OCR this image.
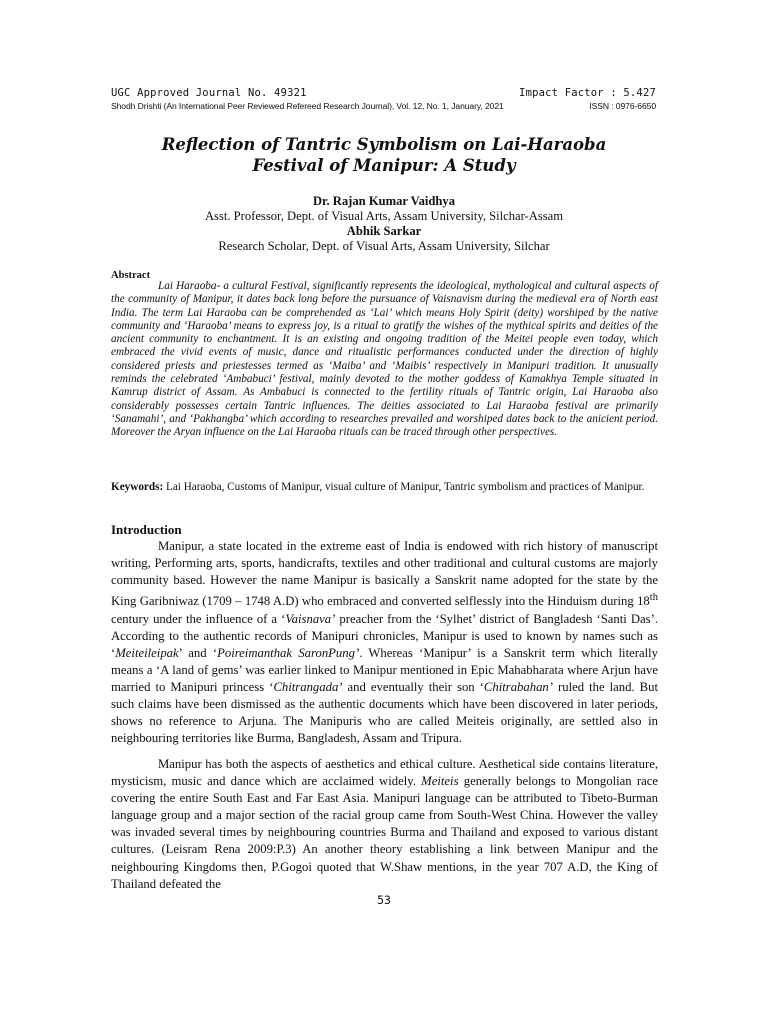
UGC Approved Journal No. 49321	Impact Factor : 5.427
Shodh Drishti (An International Peer Reviewed Refereed Research Journal), Vol. 12, No. 1, January, 2021	ISSN : 0976-6650
Reflection of Tantric Symbolism on Lai-Haraoba
Festival of Manipur: A Study
Dr. Rajan Kumar Vaidhya
Asst. Professor, Dept. of Visual Arts, Assam University, Silchar-Assam
Abhik Sarkar
Research Scholar, Dept. of Visual Arts, Assam University, Silchar
Abstract

Lai Haraoba- a cultural Festival, significantly represents the ideological, mythological and cultural aspects of the community of Manipur, it dates back long before the pursuance of Vaisnavism during the medieval era of North east India. The term Lai Haraoba can be comprehended as ‘Lai’ which means Holy Spirit (deity) worshiped by the native community and ‘Haraoba’ means to express joy, is a ritual to gratify the wishes of the mythical spirits and deities of the ancient community to enchantment. It is an existing and ongoing tradition of the Meitei people even today, which embraced the vivid events of music, dance and ritualistic performances conducted under the direction of highly considered priests and priestesses termed as ‘Maiba’ and ‘Maibis’ respectively in Manipuri tradition. It unusually reminds the celebrated ‘Ambabuci’ festival, mainly devoted to the mother goddess of Kamakhya Temple situated in Kamrup district of Assam. As Ambabuci is connected to the fertility rituals of Tantric origin, Lai Haraoba also considerably possesses certain Tantric influences. The deities associated to Lai Haraoba festival are primarily ‘Sanamahi’, and ‘Pakhangba’ which according to researches prevailed and worshiped dates back to the anicient period. Moreover the Aryan influence on the Lai Haraoba rituals can be traced through other perspectives.

Keywords: Lai Haraoba, Customs of Manipur, visual culture of Manipur, Tantric symbolism and practices of Manipur.

Introduction

Manipur, a state located in the extreme east of India is endowed with rich history of manuscript writing, Performing arts, sports, handicrafts, textiles and other traditional and cultural customs are majorly community based. However the name Manipur is basically a Sanskrit name adopted for the state by the King Garibniwaz (1709 – 1748 A.D) who embraced and converted selflessly into the Hinduism during 18th century under the influence of a ‘Vaisnava’ preacher from the ‘Sylhet’ district of Bangladesh ‘Santi Das’. According to the authentic records of Manipuri chronicles, Manipur is used to known by names such as ‘Meiteileipak’ and ‘Poireimanthak SaronPung’. Whereas ‘Manipur’ is a Sanskrit term which literally means a ‘A land of gems’ was earlier linked to Manipur mentioned in Epic Mahabharata where Arjun have married to Manipuri princess ‘Chitrangada’ and eventually their son ‘Chitrabahan’ ruled the land. But such claims have been dismissed as the authentic documents which have been discovered in later periods, shows no reference to Arjuna. The Manipuris who are called Meiteis originally, are settled also in neighbouring territories like Burma, Bangladesh, Assam and Tripura.

Manipur has both the aspects of aesthetics and ethical culture. Aesthetical side contains literature, mysticism, music and dance which are acclaimed widely. Meiteis generally belongs to Mongolian race covering the entire South East and Far East Asia. Manipuri language can be attributed to Tibeto-Burman language group and a major section of the racial group came from South-West China. However the valley was invaded several times by neighbouring countries Burma and Thailand and exposed to various distant cultures. (Leisram Rena 2009:P.3) An another theory establishing a link between Manipur and the neighbouring Kingdoms then, P.Gogoi quoted that W.Shaw mentions, in the year 707 A.D, the King of Thailand defeated the

53
